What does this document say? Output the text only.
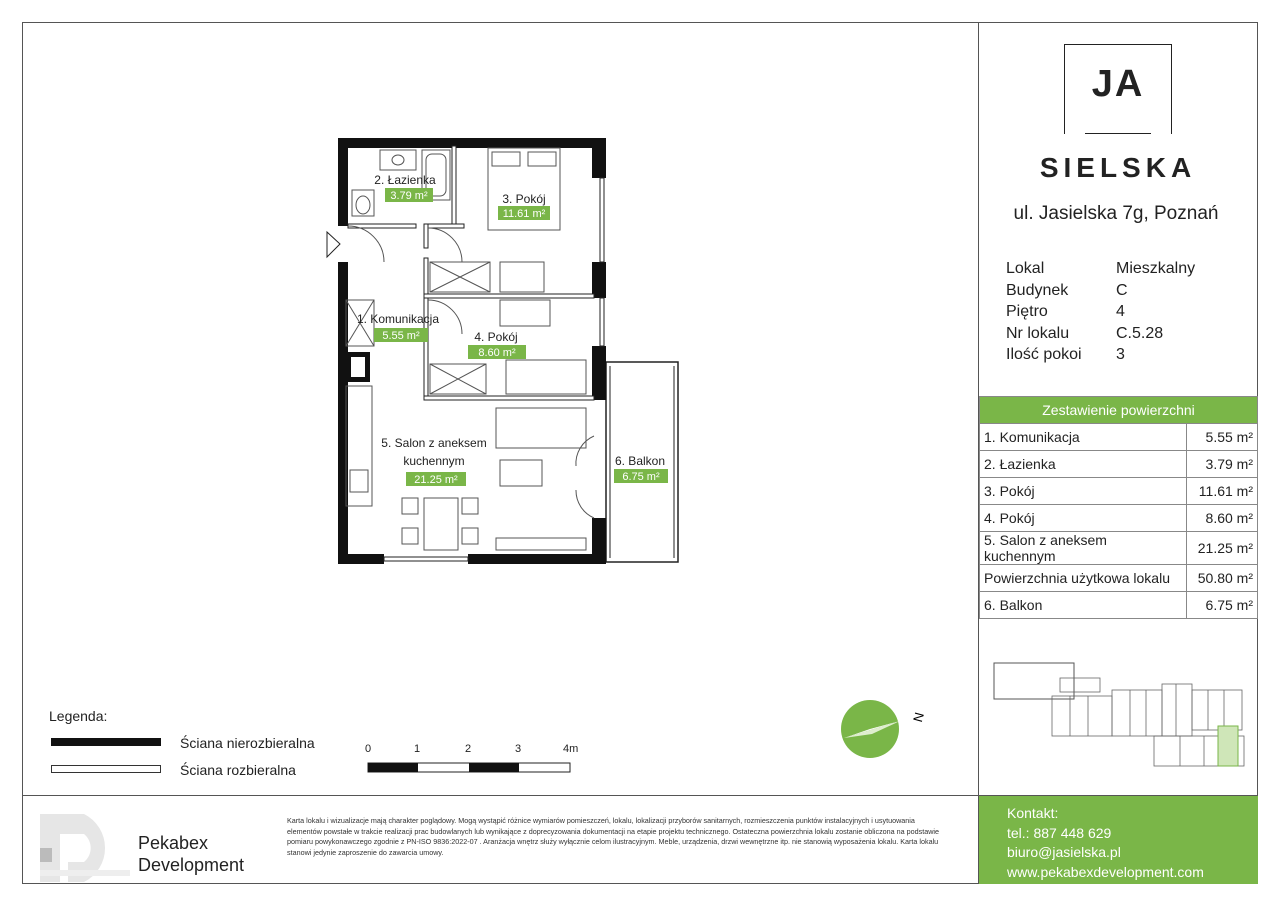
2. Łazienka
3.79 m²	3. Pokój
11.61 m²
1. Komunikacja
5.55 m²	4. Pokój
8.60 m²
5. Salon z aneksem
kuchennym
21.25 m²
6. Balkon
6.75 m²
Legenda:
Ściana nierozbieralna
Ściana rozbieralna
0	1	2	3	4m
N
JA
SIELSKA
ul. Jasielska 7g, Poznań
Lokal	Mieszkalny
Budynek	C
Piętro	4
Nr lokalu	C.5.28
Ilość pokoi	3
Zestawienie powierzchni	
1. Komunikacja	5.55 m²
2. Łazienka	3.79 m²
3. Pokój	11.61 m²
4. Pokój	8.60 m²
5. Salon z aneksem kuchennym	21.25 m²
Powierzchnia użytkowa lokalu	50.80 m²
6. Balkon	6.75 m²
Pekabex
Development
Karta lokalu i wizualizacje mają charakter poglądowy. Mogą wystąpić różnice wymiarów pomieszczeń, lokalu, lokalizacji przyborów sanitarnych, rozmieszczenia punktów instalacyjnych i usytuowania elementów powstałe w trakcie realizacji prac budowlanych lub wynikające z doprecyzowania dokumentacji na etapie projektu technicznego. Ostateczna powierzchnia lokalu zostanie obliczona na podstawie pomiaru powykonawczego zgodnie z PN-ISO 9836:2022-07 . Aranżacja wnętrz służy wyłącznie celom ilustracyjnym. Meble, urządzenia, drzwi wewnętrzne itp. nie stanowią wyposażenia lokalu. Karta lokalu stanowi jedynie zaproszenie do zawarcia umowy.
Kontakt:
tel.: 887 448 629
biuro@jasielska.pl
www.pekabexdevelopment.com
